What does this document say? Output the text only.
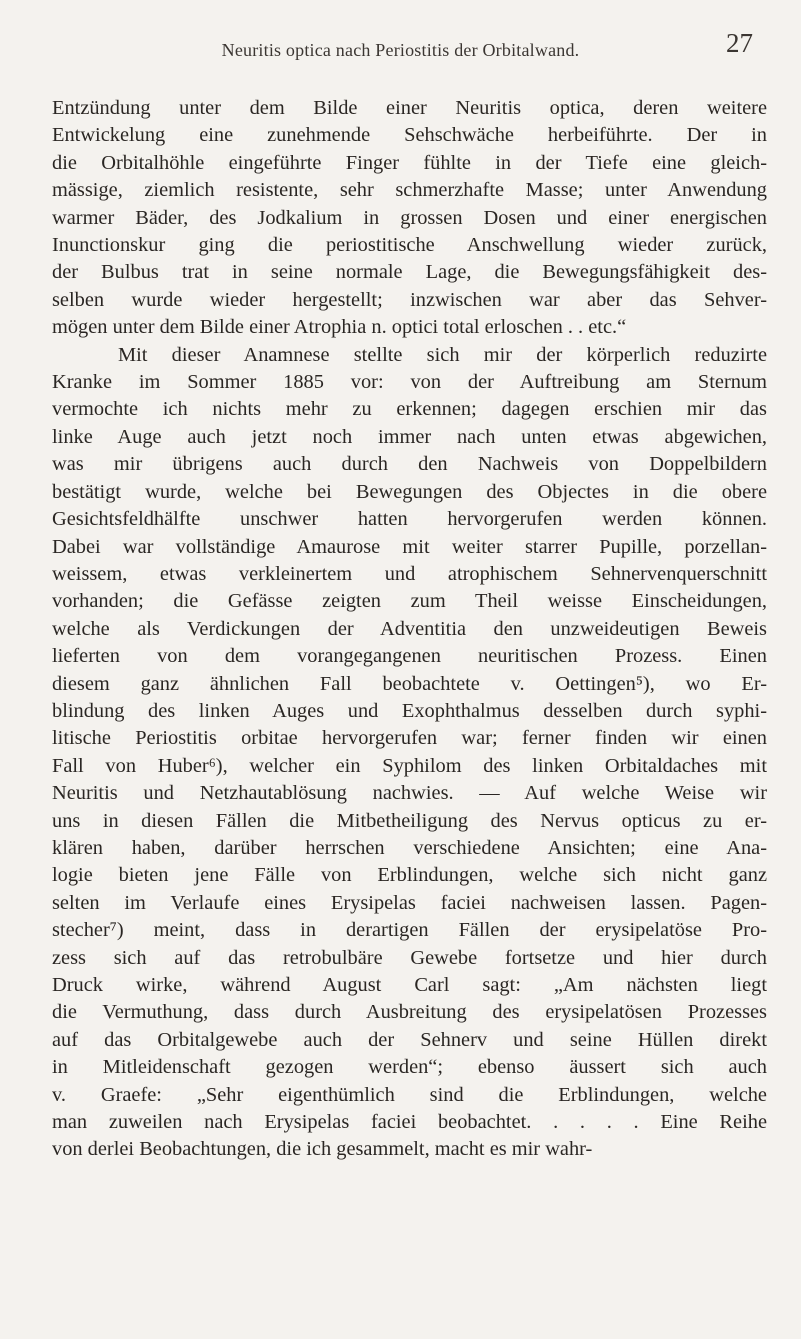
Neuritis optica nach Periostitis der Orbitalwand.	27
Entzündung unter dem Bilde einer Neuritis optica, deren weitere
Entwickelung eine zunehmende Sehschwäche herbeiführte. Der in
die Orbitalhöhle eingeführte Finger fühlte in der Tiefe eine gleich-
mässige, ziemlich resistente, sehr schmerzhafte Masse; unter Anwendung
warmer Bäder, des Jodkalium in grossen Dosen und einer energischen
Inunctionskur ging die periostitische Anschwellung wieder zurück,
der Bulbus trat in seine normale Lage, die Bewegungsfähigkeit des-
selben wurde wieder hergestellt; inzwischen war aber das Sehver-
mögen unter dem Bilde einer Atrophia n. optici total erloschen . . etc.“
Mit dieser Anamnese stellte sich mir der körperlich reduzirte
Kranke im Sommer 1885 vor: von der Auftreibung am Sternum
vermochte ich nichts mehr zu erkennen; dagegen erschien mir das
linke Auge auch jetzt noch immer nach unten etwas abgewichen,
was mir übrigens auch durch den Nachweis von Doppelbildern
bestätigt wurde, welche bei Bewegungen des Objectes in die obere
Gesichtsfeldhälfte unschwer hatten hervorgerufen werden können.
Dabei war vollständige Amaurose mit weiter starrer Pupille, porzellan-
weissem, etwas verkleinertem und atrophischem Sehnervenquerschnitt
vorhanden; die Gefässe zeigten zum Theil weisse Einscheidungen,
welche als Verdickungen der Adventitia den unzweideutigen Beweis
lieferten von dem vorangegangenen neuritischen Prozess. Einen
diesem ganz ähnlichen Fall beobachtete v. Oettingen⁵), wo Er-
blindung des linken Auges und Exophthalmus desselben durch syphi-
litische Periostitis orbitae hervorgerufen war; ferner finden wir einen
Fall von Huber⁶), welcher ein Syphilom des linken Orbitaldaches mit
Neuritis und Netzhautablösung nachwies. — Auf welche Weise wir
uns in diesen Fällen die Mitbetheiligung des Nervus opticus zu er-
klären haben, darüber herrschen verschiedene Ansichten; eine Ana-
logie bieten jene Fälle von Erblindungen, welche sich nicht ganz
selten im Verlaufe eines Erysipelas faciei nachweisen lassen. Pagen-
stecher⁷) meint, dass in derartigen Fällen der erysipelatöse Pro-
zess sich auf das retrobulbäre Gewebe fortsetze und hier durch
Druck wirke, während August Carl sagt: „Am nächsten liegt
die Vermuthung, dass durch Ausbreitung des erysipelatösen Prozesses
auf das Orbitalgewebe auch der Sehnerv und seine Hüllen direkt
in Mitleidenschaft gezogen werden“; ebenso äussert sich auch
v. Graefe: „Sehr eigenthümlich sind die Erblindungen, welche
man zuweilen nach Erysipelas faciei beobachtet. . . . . Eine Reihe
von derlei Beobachtungen, die ich gesammelt, macht es mir wahr-
